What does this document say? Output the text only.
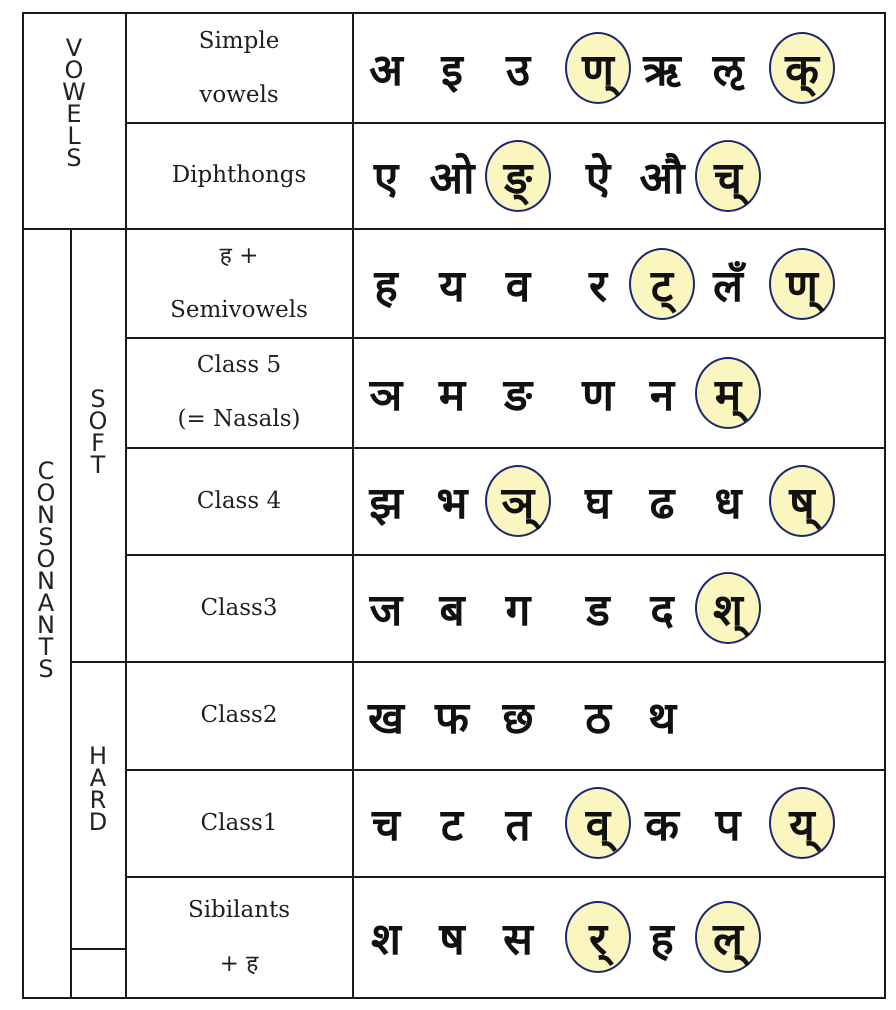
V
O
W
E
L
S
C
O
N
S
O
N
A
N
T
S
S
O
F
T
H
A
R
D
Simple
vowels	अ इ उ	ण् ऋ ऌ क्
Diphthongs	ए ओ ङ्	ऐ औ च्
ह +
Semivowels	ह य व	र ट् लँ ण्
Class 5
(= Nasals)	ञ म ङ	ण न म्
Class 4	झ भ ञ्	घ ढ ध	ष्
Class3	ज ब ग	ड द श्
Class2	ख फ छ	ठ थ
Class1	च ट त	व् क प	य्
Sibilants
+ ह	श ष स	र् ह ल्
